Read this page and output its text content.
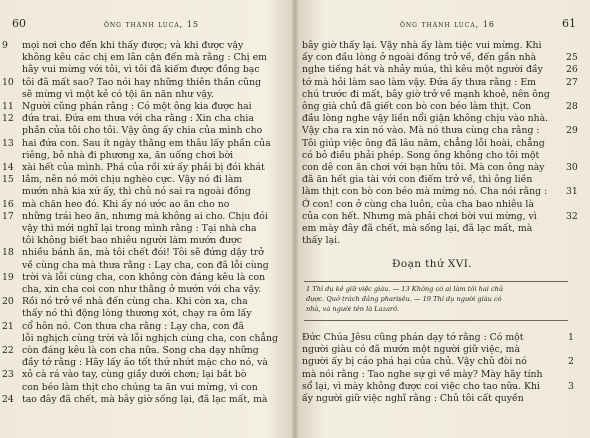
60	ông thánh luca, 15
9 mọi nơi cho đến khi thấy được; và khi được vậy
không kêu các chị em lân cận đến mà rằng : Chị em
hãy vui mừng với tôi, vì tôi đã kiếm được đồng bạc
10 tôi đã mất sao? Tao nói hay những thiên thần cũng
sẽ mừng vì một kẻ có tội ăn năn như vậy.
11 Người cũng phán rằng : Có một ông kia được hai
12 đứa trai. Đứa em thưa với cha rằng : Xin cha chia
phần của tôi cho tôi. Vậy ông ấy chia của mình cho
13 hai đứa con. Sau ít ngày thằng em thâu lấy phần của
riêng, bỏ nhà đi phương xa, ăn uống chơi bời
14 xài hết của mình. Phá của rồi xứ ấy phải bị đói khát
15 lắm, nên nó mới chịu nghèo cực. Vậy nó đi làm
mướn nhà kia xứ ấy, thì chủ nó sai ra ngoài đồng
16 mà chăn heo đó. Khi ấy nó ước ao ăn cho no
17 những trái heo ăn, nhưng mà không ai cho. Chịu đói
vậy thì mới nghĩ lại trong mình rằng : Tại nhà cha
tôi không biết bao nhiêu người làm mướn được
18 nhiều bánh ăn, mà tôi chết đói! Tôi sẽ đứng dậy trở
về cùng cha mà thưa rằng : Lạy cha, con đã lỗi cùng
19 trời và lỗi cùng cha, con không còn đáng kêu là con
cha, xin cha coi con như thằng ở mướn với cha vậy.
20 Rồi nó trở về nhà đến cùng cha. Khi còn xa, cha
thấy nó thì động lòng thương xót, chạy ra ôm lấy
21 cổ hôn nó. Con thưa cha rằng : Lạy cha, con đã
lỗi nghịch cùng trời và lỗi nghịch cùng cha, con chẳng
22 còn đáng kêu là con cha nữa. Song cha dạy những
đầy tớ rằng : Hãy lấy áo tốt thứ nhứt mặc cho nó, và
23 xỏ cà rá vào tay, cùng giầy dưới chơn; lại bắt bò
con béo làm thịt cho chúng ta ăn vui mừng, vì con
24 tao đây đã chết, mà bây giờ sống lại, đã lạc mất, mà
ông thánh luca, 16	61
bây giờ thấy lại. Vậy nhà ấy làm tiệc vui mừng. Khi
ấy con đầu lòng ở ngoài đồng trở về, đến gần nhà	25
nghe tiếng hát và nhảy múa, thì kêu một người đầy	26
tớ mà hỏi làm sao làm vậy. Đứa ấy thưa rằng : Em	27
chú trước đi mất, bây giờ trở về mạnh khoẻ, nên ông
ông già chủ đã giết con bò con béo làm thịt. Con	28
đầu lòng nghe vậy liền nổi giận không chịu vào nhà.
Vậy cha ra xin nó vào. Mà nó thưa cùng cha rằng :	29
Tôi giúp việc ông đã lâu năm, chẳng lỗi hoài, chẳng
có bỏ điều phải phép. Song ông không cho tôi một
con dê con ăn chơi với bạn hữu tôi. Mà con ông này	30
đã ăn hết gia tài với con điếm trở về, thì ông liền
làm thịt con bò con béo mà mừng nó. Cha nói rằng :	31
Ớ con! con ở cùng cha luôn, của cha bao nhiêu là
của con hết. Nhưng mà phải chơi bời vui mừng, vì	32
em mày đây đã chết, mà sống lại, đã lạc mất, mà
thấy lại.
Đoạn thứ XVI.
1 Thí dụ kẻ giữ việc giàu. — 13 Không có ai làm tôi hai chủ
được. Quở trách đảng pharisêu. — 19 Thí dụ người giàu có
nhà, và người tên là Lazarô.
Đức Chúa Jêsu cũng phán dạy tớ rằng : Có một	1
người giàu có đã mướn một người giữ việc, mà
người ấy bị cáo phá hại của chủ. Vậy chủ đòi nó	2
mà nói rằng : Tao nghe sự gì về mày? Mày hãy tính
sổ lại, vì mày không được coi việc cho tao nữa. Khi	3
ấy người giữ việc nghĩ rằng : Chủ tôi cất quyền
